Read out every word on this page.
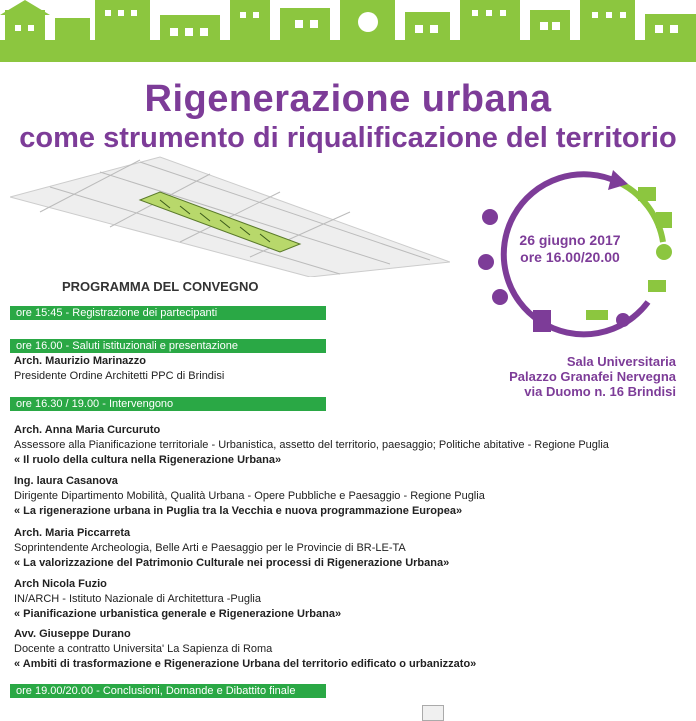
Rigenerazione urbana
come strumento di riqualificazione del territorio
26 giugno 2017
ore 16.00/20.00
Sala Universitaria
Palazzo Granafei Nervegna
via Duomo n. 16 Brindisi
PROGRAMMA DEL CONVEGNO
ore 15:45 - Registrazione dei partecipanti
ore 16.00 - Saluti istituzionali e presentazione
Arch. Maurizio Marinazzo
Presidente Ordine Architetti PPC di Brindisi
ore 16.30 / 19.00 - Intervengono
Arch. Anna Maria Curcuruto
Assessore alla Pianificazione territoriale - Urbanistica, assetto del territorio, paesaggio; Politiche abitative - Regione Puglia
« Il ruolo della cultura nella Rigenerazione Urbana»
Ing. laura Casanova
Dirigente Dipartimento Mobilità, Qualità Urbana - Opere Pubbliche e Paesaggio - Regione Puglia
« La rigenerazione urbana in Puglia tra la Vecchia e nuova programmazione Europea»
Arch. Maria Piccarreta
Soprintendente Archeologia, Belle Arti e Paesaggio per le Provincie di BR-LE-TA
« La valorizzazione del Patrimonio Culturale nei processi di Rigenerazione Urbana»
Arch Nicola Fuzio
IN/ARCH - Istituto Nazionale di Architettura -Puglia
« Pianificazione urbanistica generale e Rigenerazione Urbana»
Avv. Giuseppe Durano
Docente a contratto Universita' La Sapienza di Roma
« Ambiti di trasformazione e Rigenerazione Urbana del territorio edificato o urbanizzato»
ore 19.00/20.00 - Conclusioni, Domande e Dibattito finale
